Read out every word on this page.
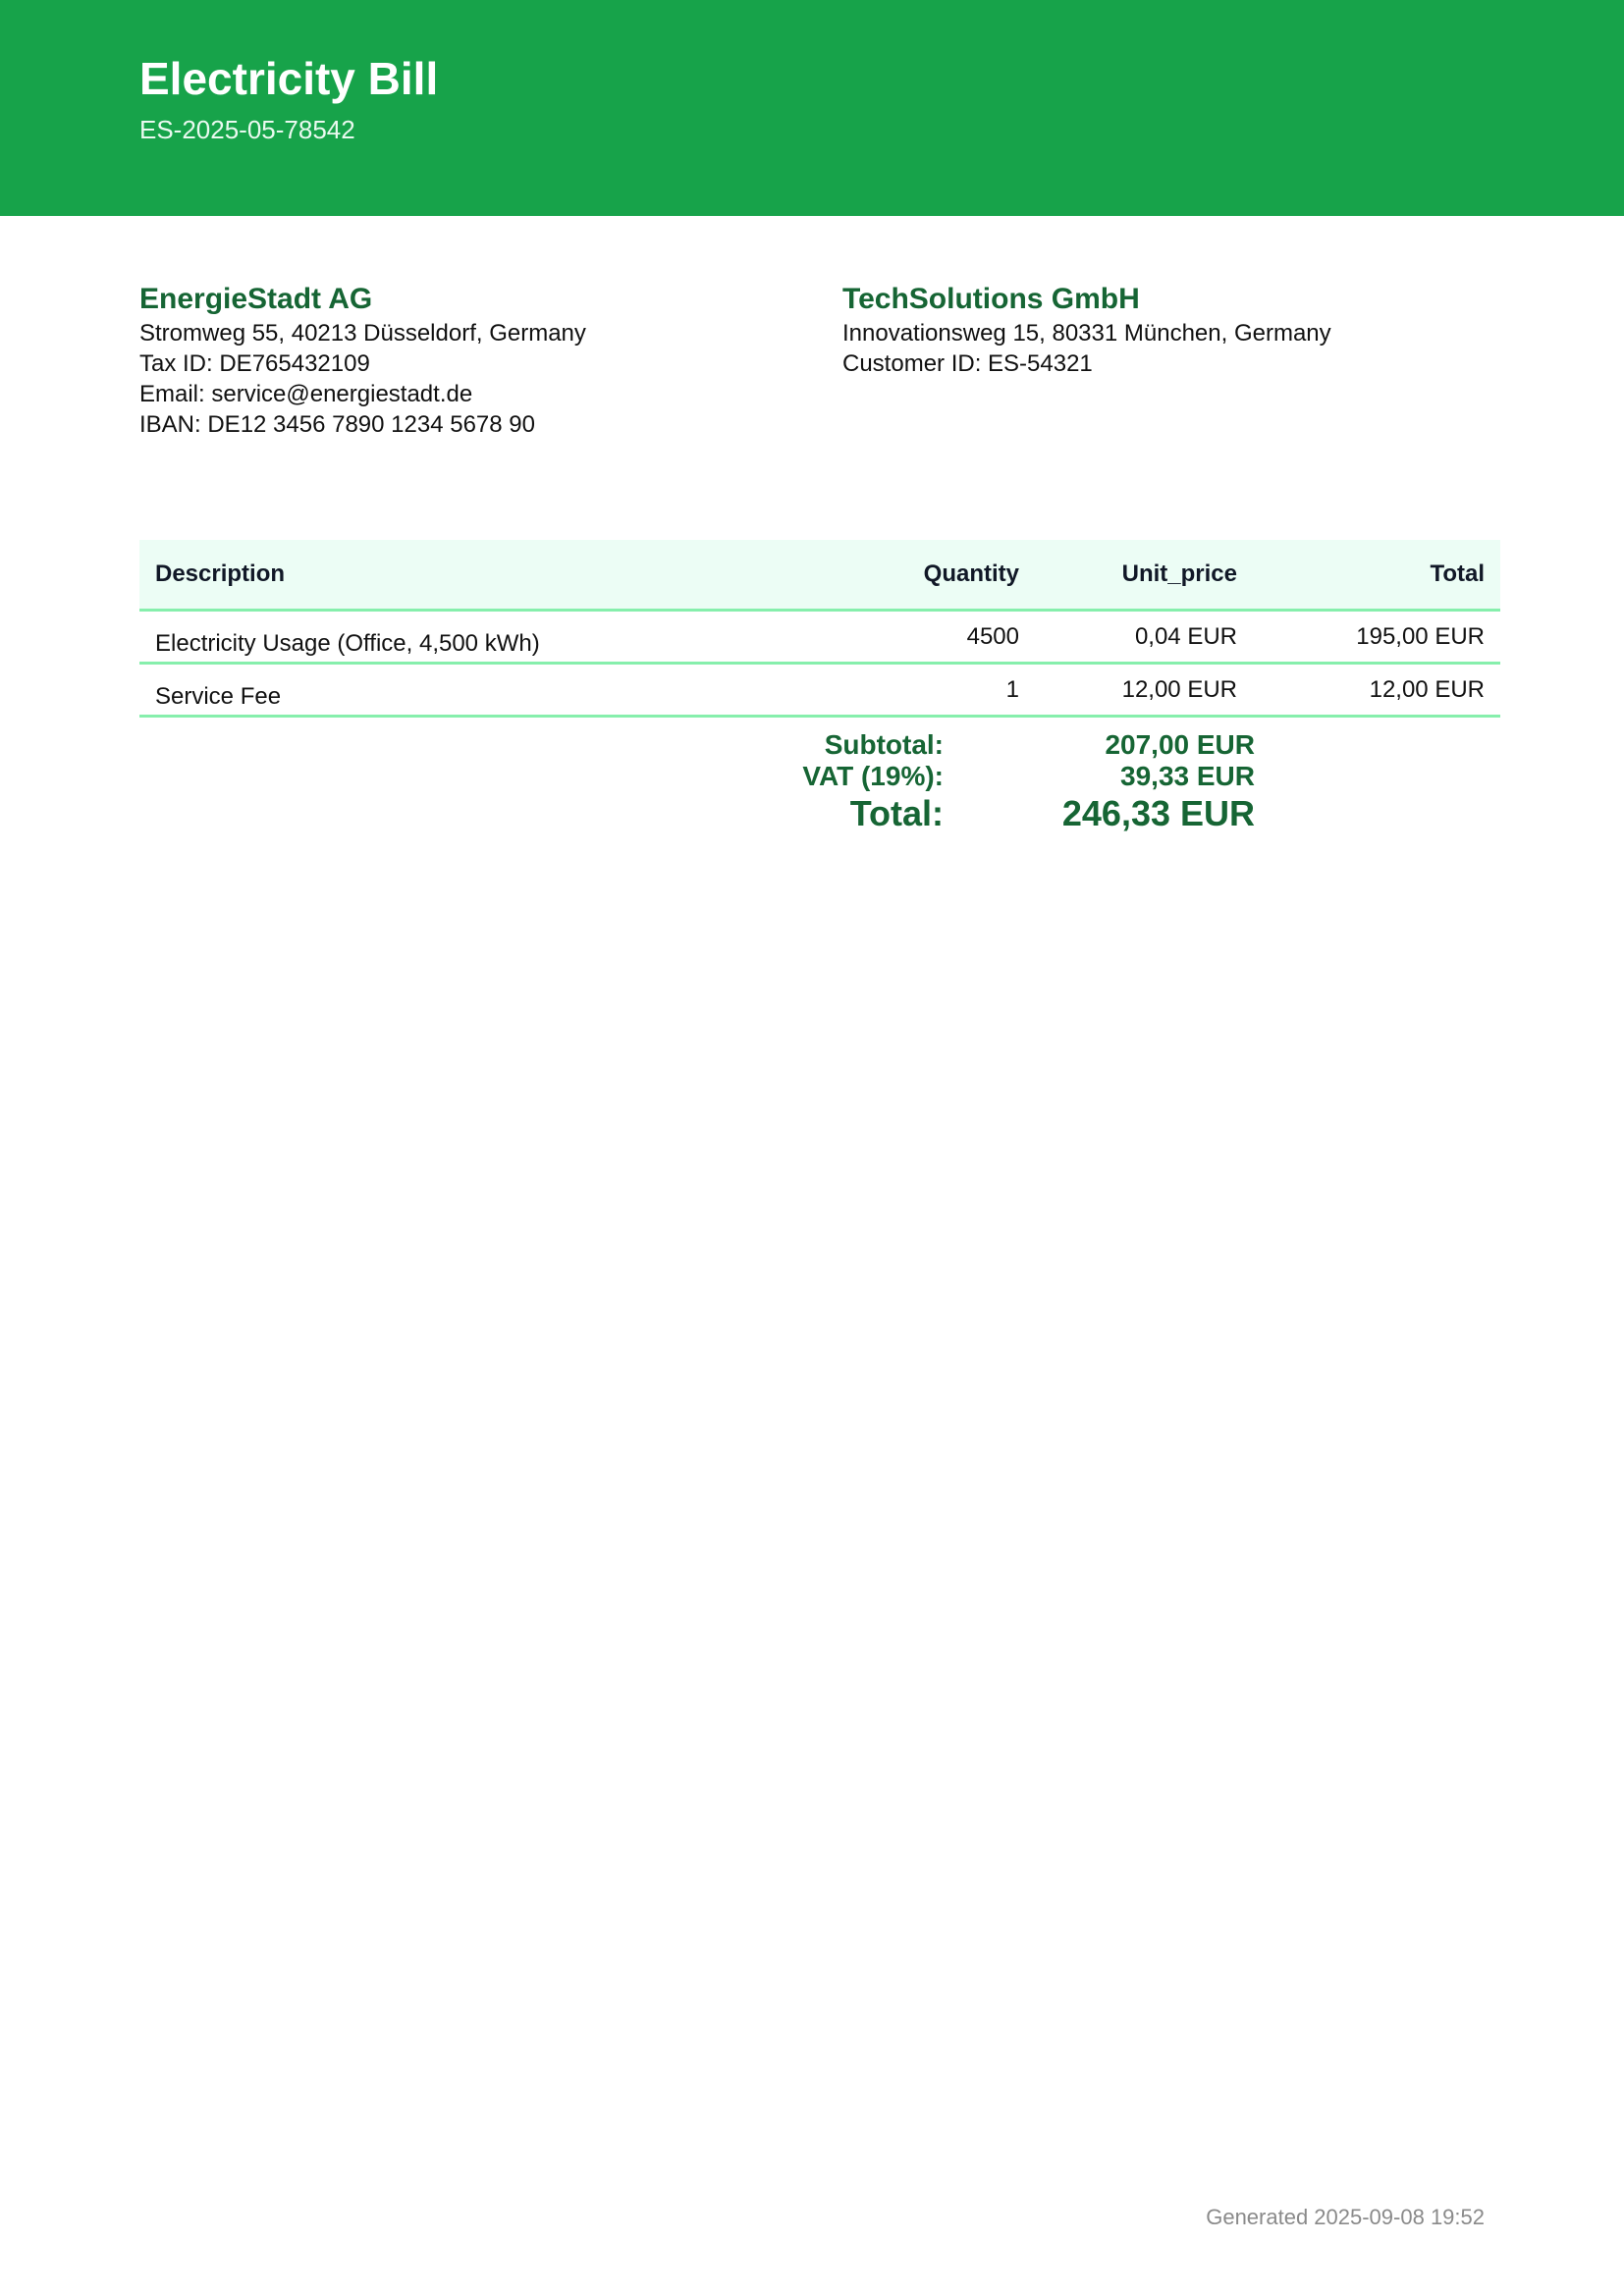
Electricity Bill
ES-2025-05-78542
EnergieStadt AG
Stromweg 55, 40213 Düsseldorf, Germany
Tax ID: DE765432109
Email: service@energiestadt.de
IBAN: DE12 3456 7890 1234 5678 90
TechSolutions GmbH
Innovationsweg 15, 80331 München, Germany
Customer ID: ES-54321
Description	Quantity	Unit_price	Total
Electricity Usage (Office, 4,500 kWh)	4500	0,04 EUR	195,00 EUR
Service Fee	1	12,00 EUR	12,00 EUR
Subtotal:	207,00 EUR
VAT (19%):	39,33 EUR
Total:	246,33 EUR
Generated 2025-09-08 19:52
